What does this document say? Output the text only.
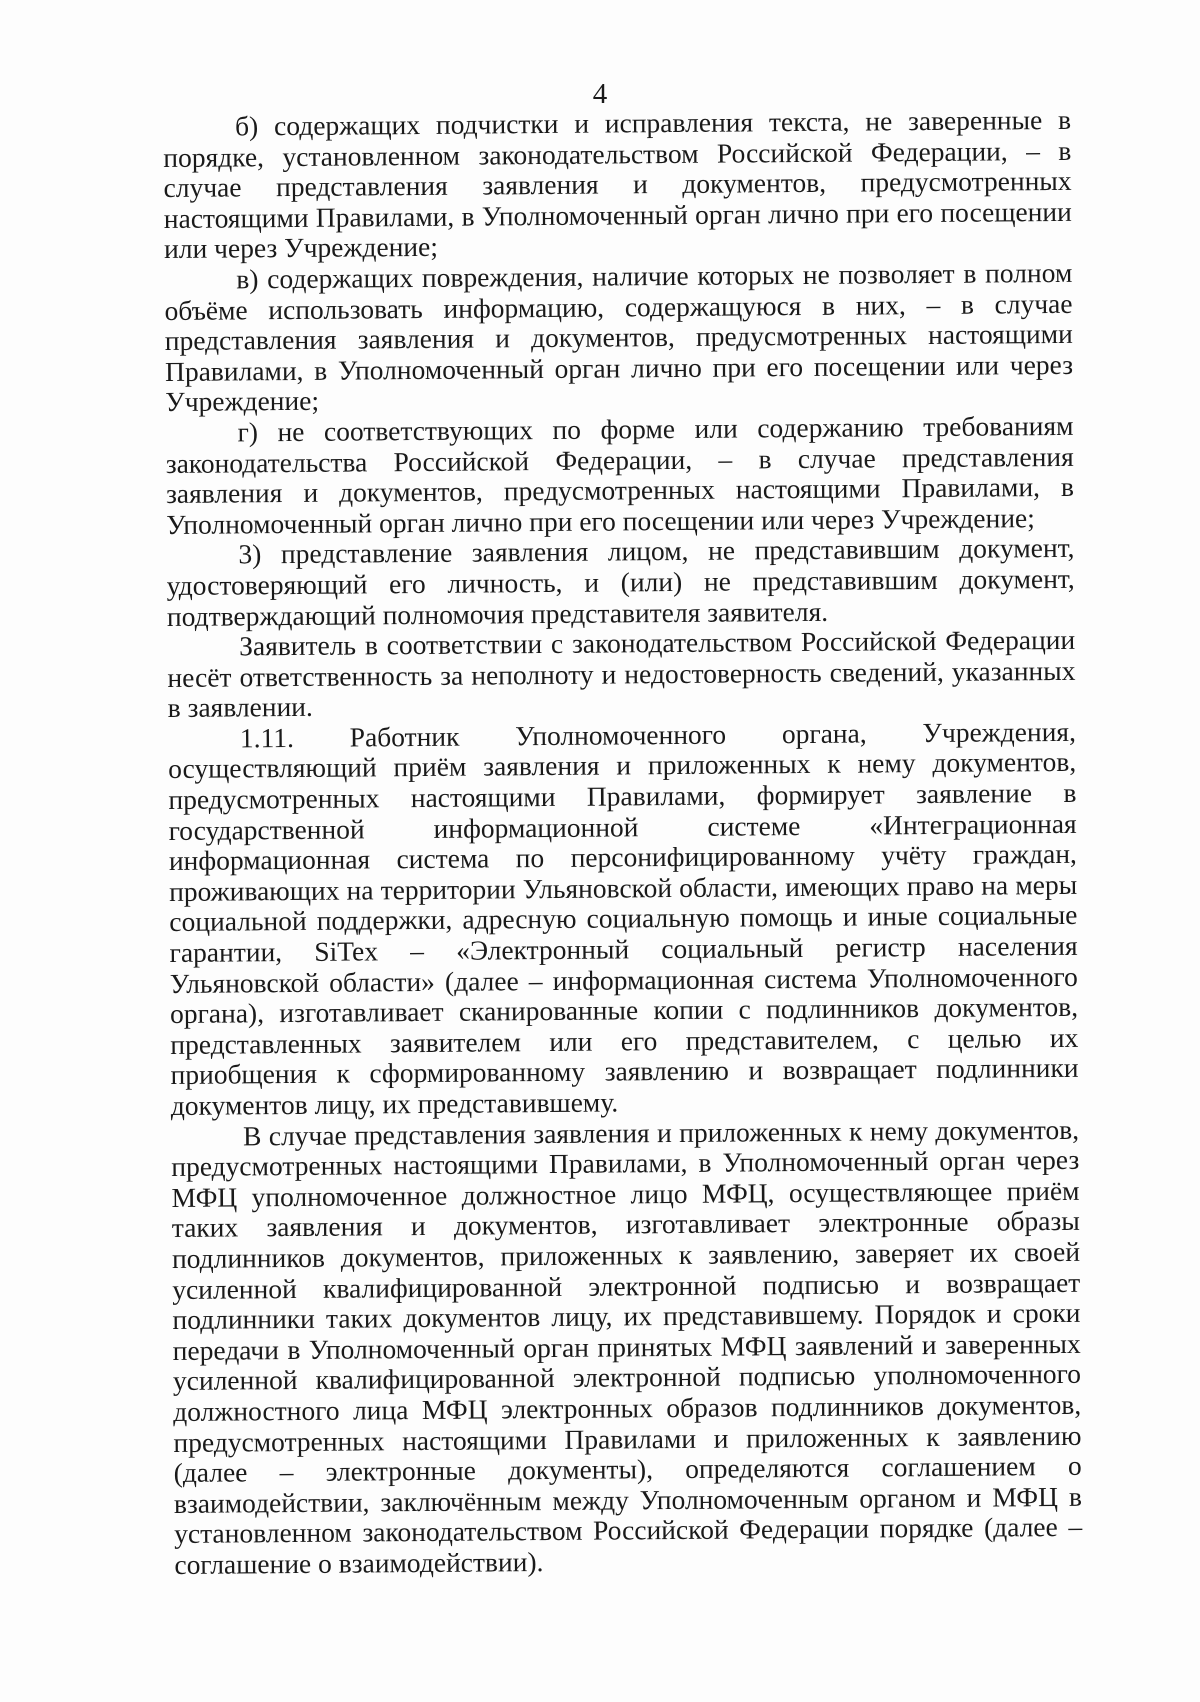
4

б) содержащих подчистки и исправления текста, не заверенные в порядке, установленном законодательством Российской Федерации, – в случае представления заявления и документов, предусмотренных настоящими Правилами, в Уполномоченный орган лично при его посещении или через Учреждение;

в) содержащих повреждения, наличие которых не позволяет в полном объёме использовать информацию, содержащуюся в них, – в случае представления заявления и документов, предусмотренных настоящими Правилами, в Уполномоченный орган лично при его посещении или через Учреждение;

г) не соответствующих по форме или содержанию требованиям законодательства Российской Федерации, – в случае представления заявления и документов, предусмотренных настоящими Правилами, в Уполномоченный орган лично при его посещении или через Учреждение;

3) представление заявления лицом, не представившим документ, удостоверяющий его личность, и (или) не представившим документ, подтверждающий полномочия представителя заявителя.

Заявитель в соответствии с законодательством Российской Федерации несёт ответственность за неполноту и недостоверность сведений, указанных в заявлении.

1.11. Работник Уполномоченного органа, Учреждения, осуществляющий приём заявления и приложенных к нему документов, предусмотренных настоящими Правилами, формирует заявление в государственной информационной системе «Интеграционная информационная система по персонифицированному учёту граждан, проживающих на территории Ульяновской области, имеющих право на меры социальной поддержки, адресную социальную помощь и иные социальные гарантии, SiTex – «Электронный социальный регистр населения Ульяновской области» (далее – информационная система Уполномоченного органа), изготавливает сканированные копии с подлинников документов, представленных заявителем или его представителем, с целью их приобщения к сформированному заявлению и возвращает подлинники документов лицу, их представившему.

В случае представления заявления и приложенных к нему документов, предусмотренных настоящими Правилами, в Уполномоченный орган через МФЦ уполномоченное должностное лицо МФЦ, осуществляющее приём таких заявления и документов, изготавливает электронные образы подлинников документов, приложенных к заявлению, заверяет их своей усиленной квалифицированной электронной подписью и возвращает подлинники таких документов лицу, их представившему. Порядок и сроки передачи в Уполномоченный орган принятых МФЦ заявлений и заверенных усиленной квалифицированной электронной подписью уполномоченного должностного лица МФЦ электронных образов подлинников документов, предусмотренных настоящими Правилами и приложенных к заявлению (далее – электронные документы), определяются соглашением о взаимодействии, заключённым между Уполномоченным органом и МФЦ в установленном законодательством Российской Федерации порядке (далее – соглашение о взаимодействии).
